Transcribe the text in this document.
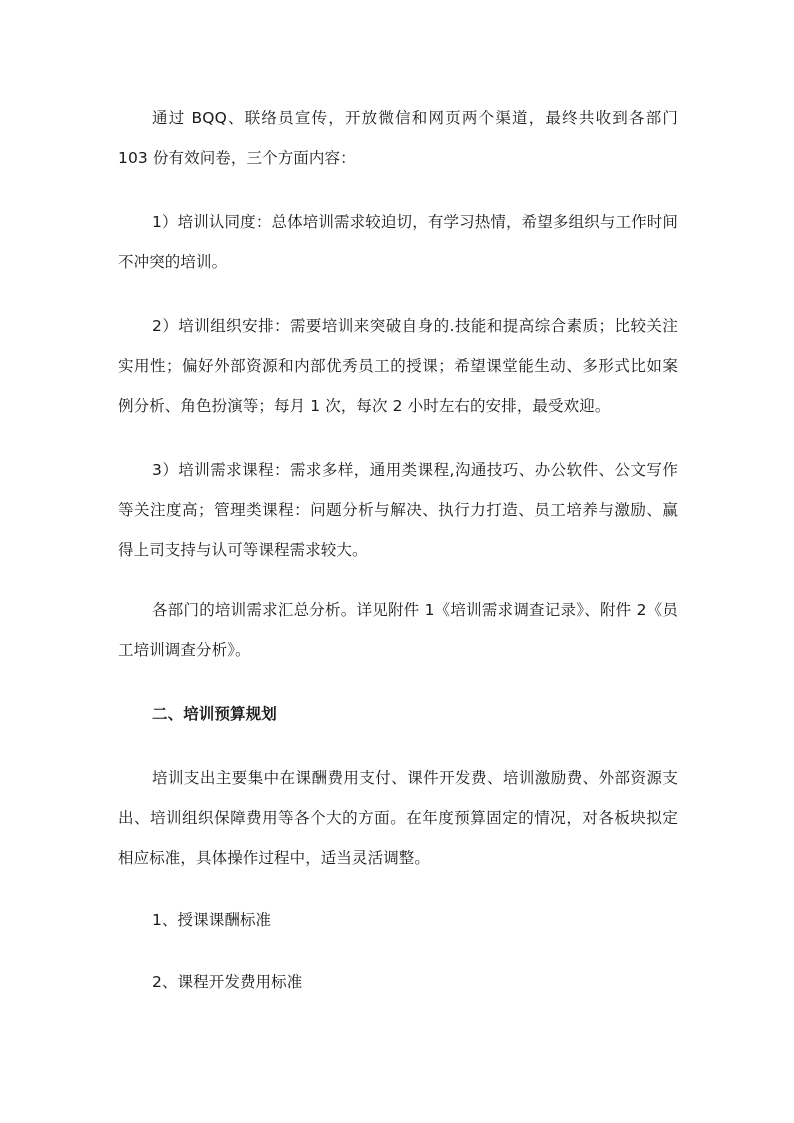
通过 BQQ、联络员宣传，开放微信和网页两个渠道，最终共收到各部门 103 份有效问卷，三个方面内容：

1）培训认同度：总体培训需求较迫切，有学习热情，希望多组织与工作时间不冲突的培训。

2）培训组织安排：需要培训来突破自身的.技能和提高综合素质；比较关注实用性；偏好外部资源和内部优秀员工的授课；希望课堂能生动、多形式比如案例分析、角色扮演等；每月 1 次，每次 2 小时左右的安排，最受欢迎。

3）培训需求课程：需求多样，通用类课程,沟通技巧、办公软件、公文写作等关注度高；管理类课程：问题分析与解决、执行力打造、员工培养与激励、赢得上司支持与认可等课程需求较大。

各部门的培训需求汇总分析。详见附件 1《培训需求调查记录》、附件 2《员工培训调查分析》。

二、培训预算规划

培训支出主要集中在课酬费用支付、课件开发费、培训激励费、外部资源支出、培训组织保障费用等各个大的方面。在年度预算固定的情况，对各板块拟定相应标准，具体操作过程中，适当灵活调整。

1、授课课酬标准

2、课程开发费用标准
